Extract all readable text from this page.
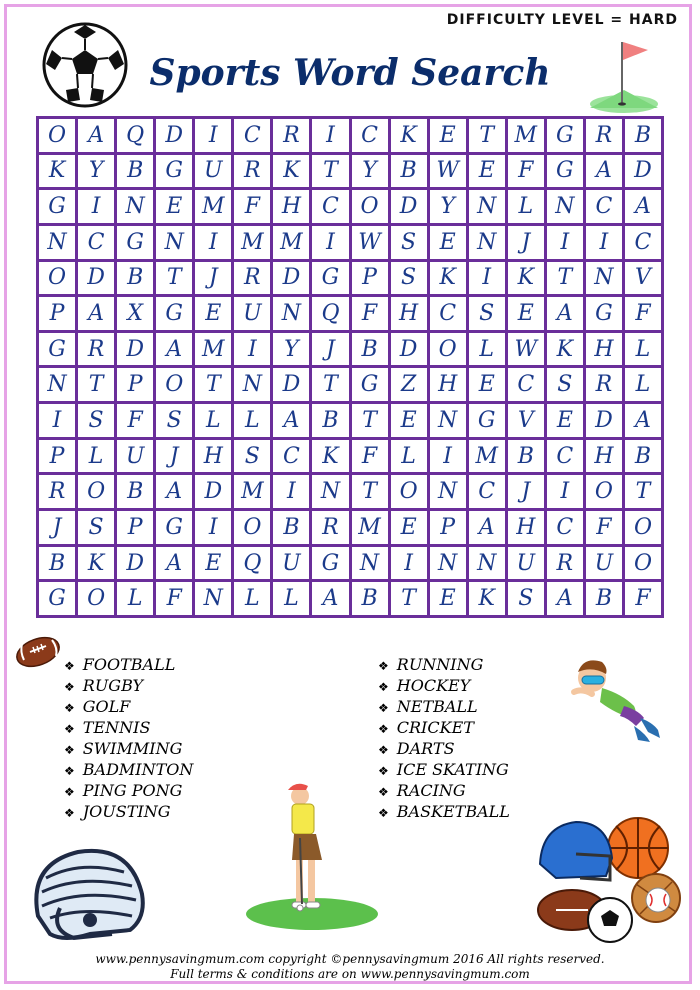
DIFFICULTY LEVEL = HARD
Sports Word Search
O	A	Q D	I	C	R	I	C	K	E	T M G R	B
K	Y	B	G U R	K	T	Y	B W E	F	G	A	D
G	I	N E M F H C O D	Y	N	L	N C	A
N C G N	I	M M	I	W S	E N	J	I	I	C
O D	B	T	J	R D G	P	S	K	I	K	T	N V
P	A	X	G	E U N Q	F H C	S	E	A	G	F
G R D	A M	I	Y	J	B	D O	L W K H	L
N	T	P	O	T	N D	T	G	Z H E	C	S	R	L
I	S	F	S	L	L	A	B	T	E N G	V	E	D	A
P	L	U	J	H S	C	K	F	L	I	M B	C H B
R O B	A	D M	I	N	T	O N C	J	I	O	T
J	S	P	G	I	O B	R M E	P	A H C	F	O
B	K	D	A	E	Q U G N	I	N N U R U O
G O	L	F N	L	L	A	B	T	E	K	S	A	B	F
❖ FOOTBALL
❖ RUGBY
❖ GOLF
❖ TENNIS
❖ SWIMMING
❖ BADMINTON
❖ PING PONG
❖ JOUSTING
❖ RUNNING
❖ HOCKEY
❖ NETBALL
❖ CRICKET
❖ DARTS
❖ ICE SKATING
❖ RACING
❖ BASKETBALL
www.pennysavingmum.com copyright ©pennysavingmum 2016 All rights reserved.
Full terms & conditions are on www.pennysavingmum.com
